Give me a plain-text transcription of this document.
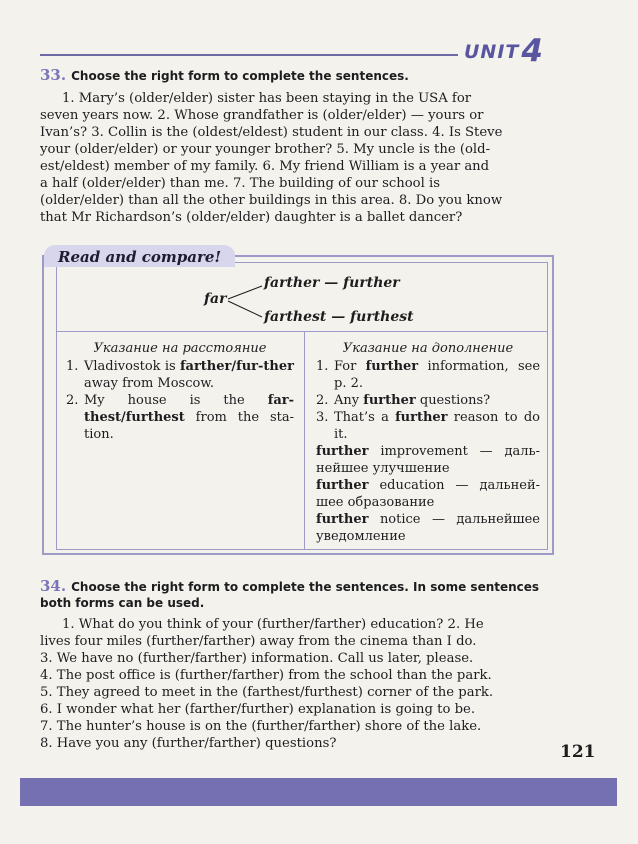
UNIT4
33. Choose the right form to complete the sentences.

1. Mary’s (older/elder) sister has been staying in the USA for

seven years now. 2. Whose grandfather is (older/elder) — yours or
Ivan’s? 3. Collin is the (oldest/eldest) student in our class. 4. Is Steve
your (older/elder) or your younger brother? 5. My uncle is the (old-
est/eldest) member of my family. 6. My friend William is a year and
a half (older/elder) than me. 7. The building of our school is
(older/elder) than all the other buildings in this area. 8. Do you know
that Mr Richardson’s (older/elder) daughter is a ballet dancer?
Read and compare!
far
farther — further
farthest — furthest
Указание на расстояние
1. Vladivostok is farther/fur-ther away from Moscow.
2. My house is the far-thest/furthest from the sta-tion.
Указание на дополнение
1. For further information, see p. 2.
2. Any further questions?
3. That’s a further reason to do it.
further improvement — даль-нейшее улучшение
further education — дальней-шее образование
further notice — дальнейшее уведомление
34. Choose the right form to complete the sentences. In some sentences both forms can be used.

1. What do you think of your (further/farther) education? 2. He

lives four miles (further/farther) away from the cinema than I do.
3. We have no (further/farther) information. Call us later, please.
4. The post office is (further/farther) from the school than the park.
5. They agreed to meet in the (farthest/furthest) corner of the park.
6. I wonder what her (farther/further) explanation is going to be.
7. The hunter’s house is on the (further/farther) shore of the lake.
8. Have you any (further/farther) questions?	121
